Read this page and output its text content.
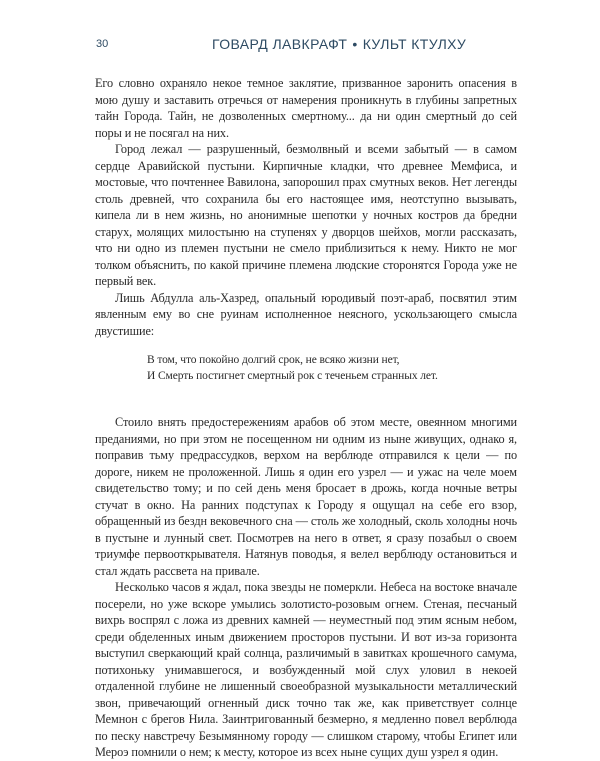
30	ГОВАРД ЛАВКРАФТ • КУЛЬТ КТУЛХУ

Его словно охраняло некое темное заклятие, призванное заронить опасения в мою душу и заставить отречься от намерения проникнуть в глубины запретных тайн Города. Тайн, не дозволенных смертному... да ни один смертный до сей поры и не посягал на них.

Город лежал — разрушенный, безмолвный и всеми забытый — в самом сердце Аравийской пустыни. Кирпичные кладки, что древнее Мемфиса, и мостовые, что почтеннее Вавилона, запорошил прах смутных веков. Нет легенды столь древней, что сохранила бы его настоящее имя, неотступно вызывать, кипела ли в нем жизнь, но анонимные шепотки у ночных костров да бредни старух, молящих милостыню на ступенях у дворцов шейхов, могли рассказать, что ни одно из племен пустыни не смело приблизиться к нему. Никто не мог толком объяснить, по какой причине племена людские сторонятся Города уже не первый век.

Лишь Абдулла аль-Хазред, опальный юродивый поэт-араб, посвятил этим явленным ему во сне руинам исполненное неясного, ускользающего смысла двустишие:

В том, что покойно долгий срок, не всяко жизни нет,
И Смерть постигнет смертный рок с теченьем странных лет.

Стоило внять предостережениям арабов об этом месте, овеянном многими преданиями, но при этом не посещенном ни одним из ныне живущих, однако я, поправив тьму предрассудков, верхом на верблюде отправился к цели — по дороге, никем не проложенной. Лишь я один его узрел — и ужас на челе моем свидетельство тому; и по сей день меня бросает в дрожь, когда ночные ветры стучат в окно. На ранних подступах к Городу я ощущал на себе его взор, обращенный из бездн вековечного сна — столь же холодный, сколь холодны ночь в пустыне и лунный свет. Посмотрев на него в ответ, я сразу позабыл о своем триумфе первооткрывателя. Натянув поводья, я велел верблюду остановиться и стал ждать рассвета на привале.

Несколько часов я ждал, пока звезды не померкли. Небеса на востоке вначале посерели, но уже вскоре умылись золотисто-розовым огнем. Стеная, песчаный вихрь воспрял с ложа из древних камней — неуместный под этим ясным небом, среди обделенных иным движением просторов пустыни. И вот из-за горизонта выступил сверкающий край солнца, различимый в завитках крошечного самума, потихоньку унимавшегося, и возбужденный мой слух уловил в некоей отдаленной глубине не лишенный своеобразной музыкальности металлический звон, привечающий огненный диск точно так же, как приветствует солнце Мемнон с брегов Нила. Заинтригованный безмерно, я медленно повел верблюда по песку навстречу Безымянному городу — слишком старому, чтобы Египет или Мероэ помнили о нем; к месту, которое из всех ныне сущих душ узрел я один.
